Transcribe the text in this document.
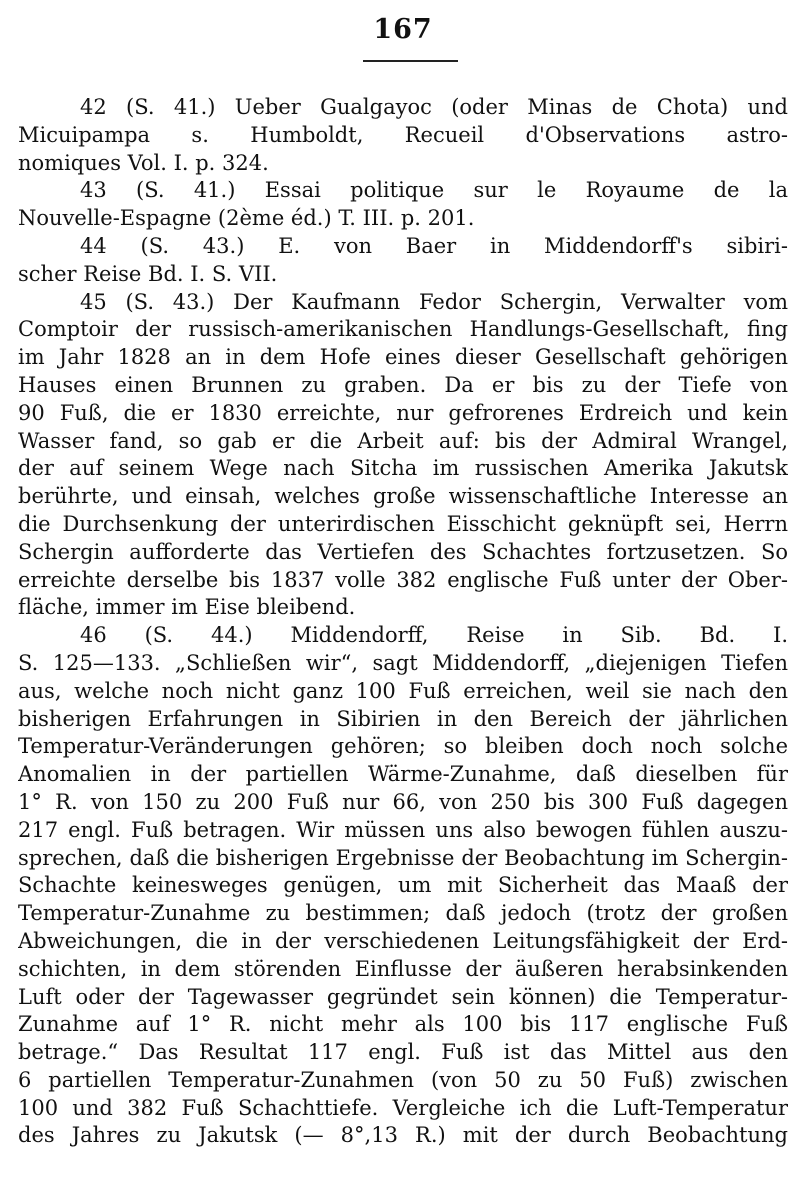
167
42 (S. 41.) Ueber Gualgayoc (oder Minas de Chota) und
Micuipampa s. Humboldt, Recueil d'Observations astro-
nomiques Vol. I. p. 324.
43 (S. 41.) Essai politique sur le Royaume de la
Nouvelle-Espagne (2ème éd.) T. III. p. 201.
44 (S. 43.) E. von Baer in Middendorff's sibiri-
scher Reise Bd. I. S. VII.
45 (S. 43.) Der Kaufmann Fedor Schergin, Verwalter vom
Comptoir der russisch-amerikanischen Handlungs-Gesellschaft, fing
im Jahr 1828 an in dem Hofe eines dieser Gesellschaft gehörigen
Hauses einen Brunnen zu graben. Da er bis zu der Tiefe von
90 Fuß, die er 1830 erreichte, nur gefrorenes Erdreich und kein
Wasser fand, so gab er die Arbeit auf: bis der Admiral Wrangel,
der auf seinem Wege nach Sitcha im russischen Amerika Jakutsk
berührte, und einsah, welches große wissenschaftliche Interesse an
die Durchsenkung der unterirdischen Eisschicht geknüpft sei, Herrn
Schergin aufforderte das Vertiefen des Schachtes fortzusetzen. So
erreichte derselbe bis 1837 volle 382 englische Fuß unter der Ober-
fläche, immer im Eise bleibend.
46 (S. 44.) Middendorff, Reise in Sib. Bd. I.
S. 125—133. „Schließen wir“, sagt Middendorff, „diejenigen Tiefen
aus, welche noch nicht ganz 100 Fuß erreichen, weil sie nach den
bisherigen Erfahrungen in Sibirien in den Bereich der jährlichen
Temperatur-Veränderungen gehören; so bleiben doch noch solche
Anomalien in der partiellen Wärme-Zunahme, daß dieselben für
1° R. von 150 zu 200 Fuß nur 66, von 250 bis 300 Fuß dagegen
217 engl. Fuß betragen. Wir müssen uns also bewogen fühlen auszu-
sprechen, daß die bisherigen Ergebnisse der Beobachtung im Schergin-
Schachte keinesweges genügen, um mit Sicherheit das Maaß der
Temperatur-Zunahme zu bestimmen; daß jedoch (trotz der großen
Abweichungen, die in der verschiedenen Leitungsfähigkeit der Erd-
schichten, in dem störenden Einflusse der äußeren herabsinkenden
Luft oder der Tagewasser gegründet sein können) die Temperatur-
Zunahme auf 1° R. nicht mehr als 100 bis 117 englische Fuß
betrage.“ Das Resultat 117 engl. Fuß ist das Mittel aus den
6 partiellen Temperatur-Zunahmen (von 50 zu 50 Fuß) zwischen
100 und 382 Fuß Schachttiefe. Vergleiche ich die Luft-Temperatur
des Jahres zu Jakutsk (— 8°,13 R.) mit der durch Beobachtung
